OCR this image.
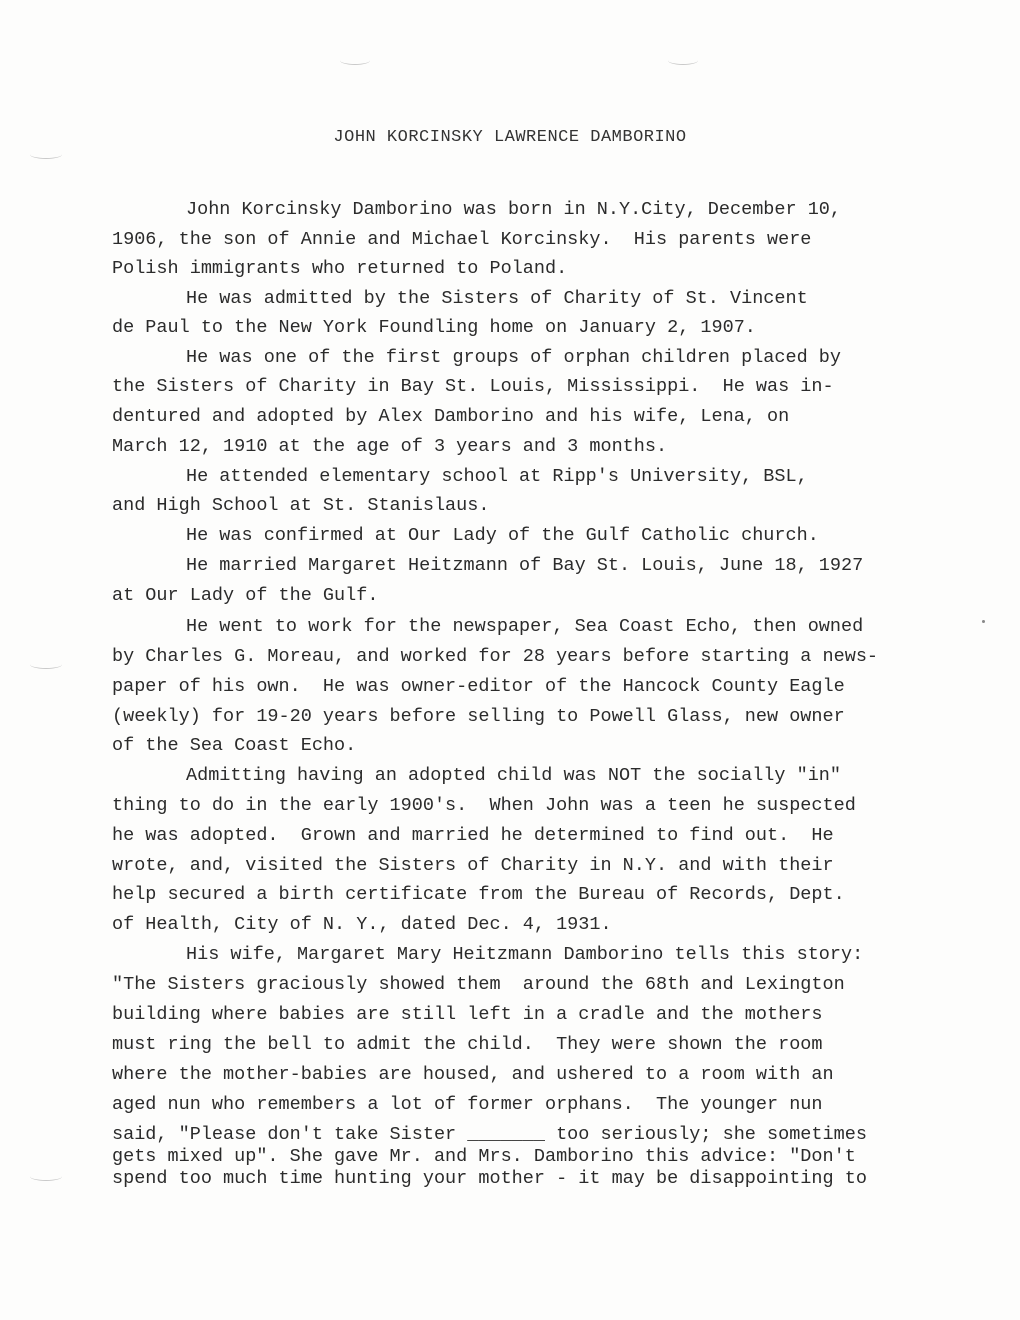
JOHN KORCINSKY LAWRENCE DAMBORINO
John Korcinsky Damborino was born in N.Y.City, December 10,
1906, the son of Annie and Michael Korcinsky.  His parents were
Polish immigrants who returned to Poland.
He was admitted by the Sisters of Charity of St. Vincent
de Paul to the New York Foundling home on January 2, 1907.
He was one of the first groups of orphan children placed by
the Sisters of Charity in Bay St. Louis, Mississippi.  He was in-
dentured and adopted by Alex Damborino and his wife, Lena, on
March 12, 1910 at the age of 3 years and 3 months.
He attended elementary school at Ripp's University, BSL,
and High School at St. Stanislaus.
He was confirmed at Our Lady of the Gulf Catholic church.
He married Margaret Heitzmann of Bay St. Louis, June 18, 1927
at Our Lady of the Gulf.
He went to work for the newspaper, Sea Coast Echo, then owned
by Charles G. Moreau, and worked for 28 years before starting a news-
paper of his own.  He was owner-editor of the Hancock County Eagle
(weekly) for 19-20 years before selling to Powell Glass, new owner
of the Sea Coast Echo.
Admitting having an adopted child was NOT the socially "in"
thing to do in the early 1900's.  When John was a teen he suspected
he was adopted.  Grown and married he determined to find out.  He
wrote, and, visited the Sisters of Charity in N.Y. and with their
help secured a birth certificate from the Bureau of Records, Dept.
of Health, City of N. Y., dated Dec. 4, 1931.
His wife, Margaret Mary Heitzmann Damborino tells this story:
"The Sisters graciously showed them  around the 68th and Lexington
building where babies are still left in a cradle and the mothers
must ring the bell to admit the child.  They were shown the room
where the mother-babies are housed, and ushered to a room with an
aged nun who remembers a lot of former orphans.  The younger nun
said, "Please don't take Sister _______ too seriously; she sometimes
gets mixed up". She gave Mr. and Mrs. Damborino this advice: "Don't
spend too much time hunting your mother - it may be disappointing to
